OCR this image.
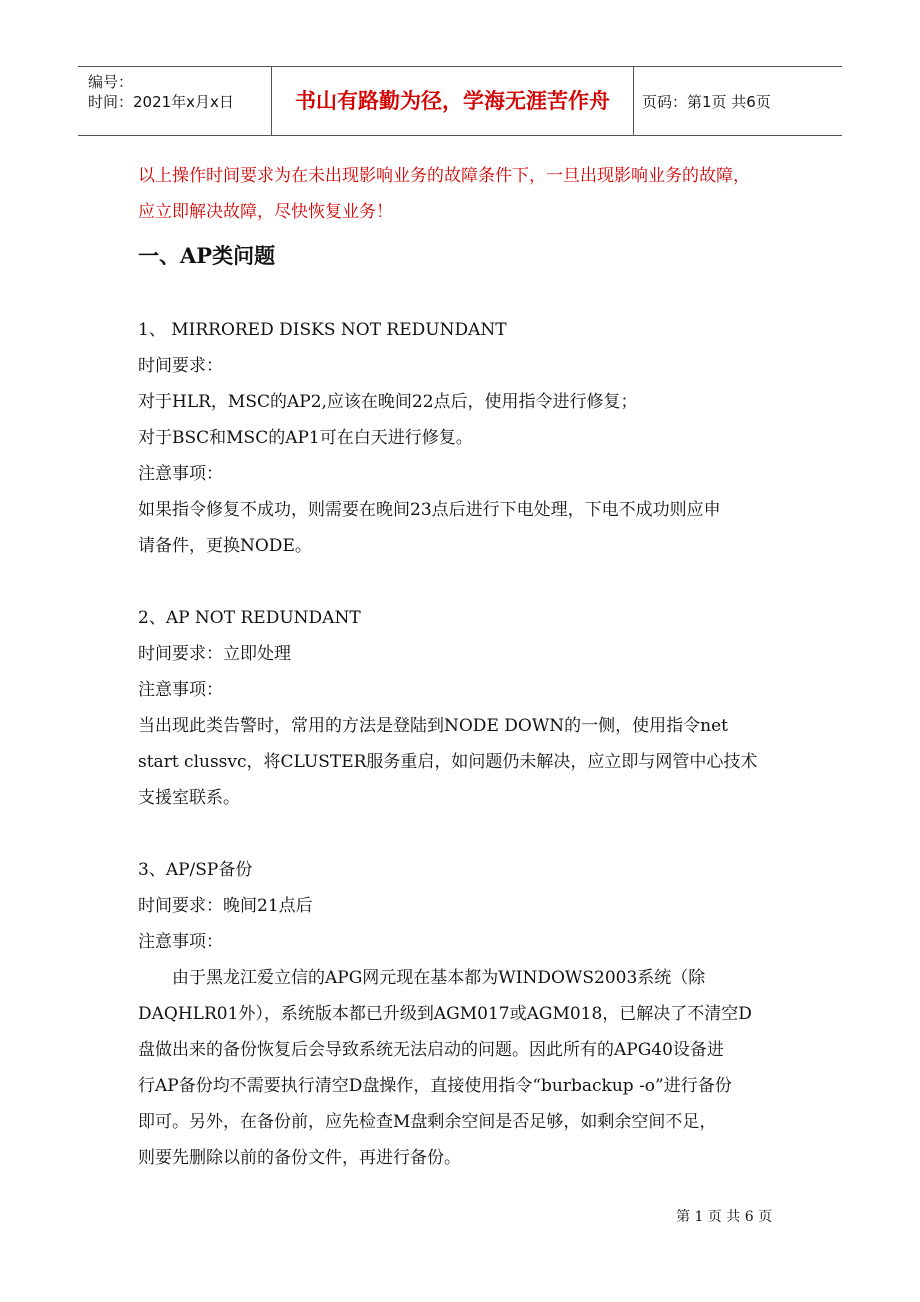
编号：
时间：2021年x月x日	书山有路勤为径，学海无涯苦作舟	页码：第1页 共6页

以上操作时间要求为在未出现影响业务的故障条件下，一旦出现影响业务的故障，

应立即解决故障，尽快恢复业务！

一、AP类问题

1、 MIRRORED DISKS NOT REDUNDANT

时间要求：

对于HLR，MSC的AP2,应该在晚间22点后，使用指令进行修复；

对于BSC和MSC的AP1可在白天进行修复。

注意事项：

如果指令修复不成功，则需要在晚间23点后进行下电处理，下电不成功则应申

请备件，更换NODE。

2、AP NOT REDUNDANT

时间要求：立即处理

注意事项：

当出现此类告警时，常用的方法是登陆到NODE DOWN的一侧，使用指令net

start clussvc，将CLUSTER服务重启，如问题仍未解决，应立即与网管中心技术

支援室联系。

3、AP/SP备份

时间要求：晚间21点后

注意事项：

由于黑龙江爱立信的APG网元现在基本都为WINDOWS2003系统（除

DAQHLR01外），系统版本都已升级到AGM017或AGM018，已解决了不清空D

盘做出来的备份恢复后会导致系统无法启动的问题。因此所有的APG40设备进

行AP备份均不需要执行清空D盘操作，直接使用指令“burbackup -o”进行备份

即可。另外，在备份前，应先检查M盘剩余空间是否足够，如剩余空间不足，

则要先删除以前的备份文件，再进行备份。

第 1 页 共 6 页
